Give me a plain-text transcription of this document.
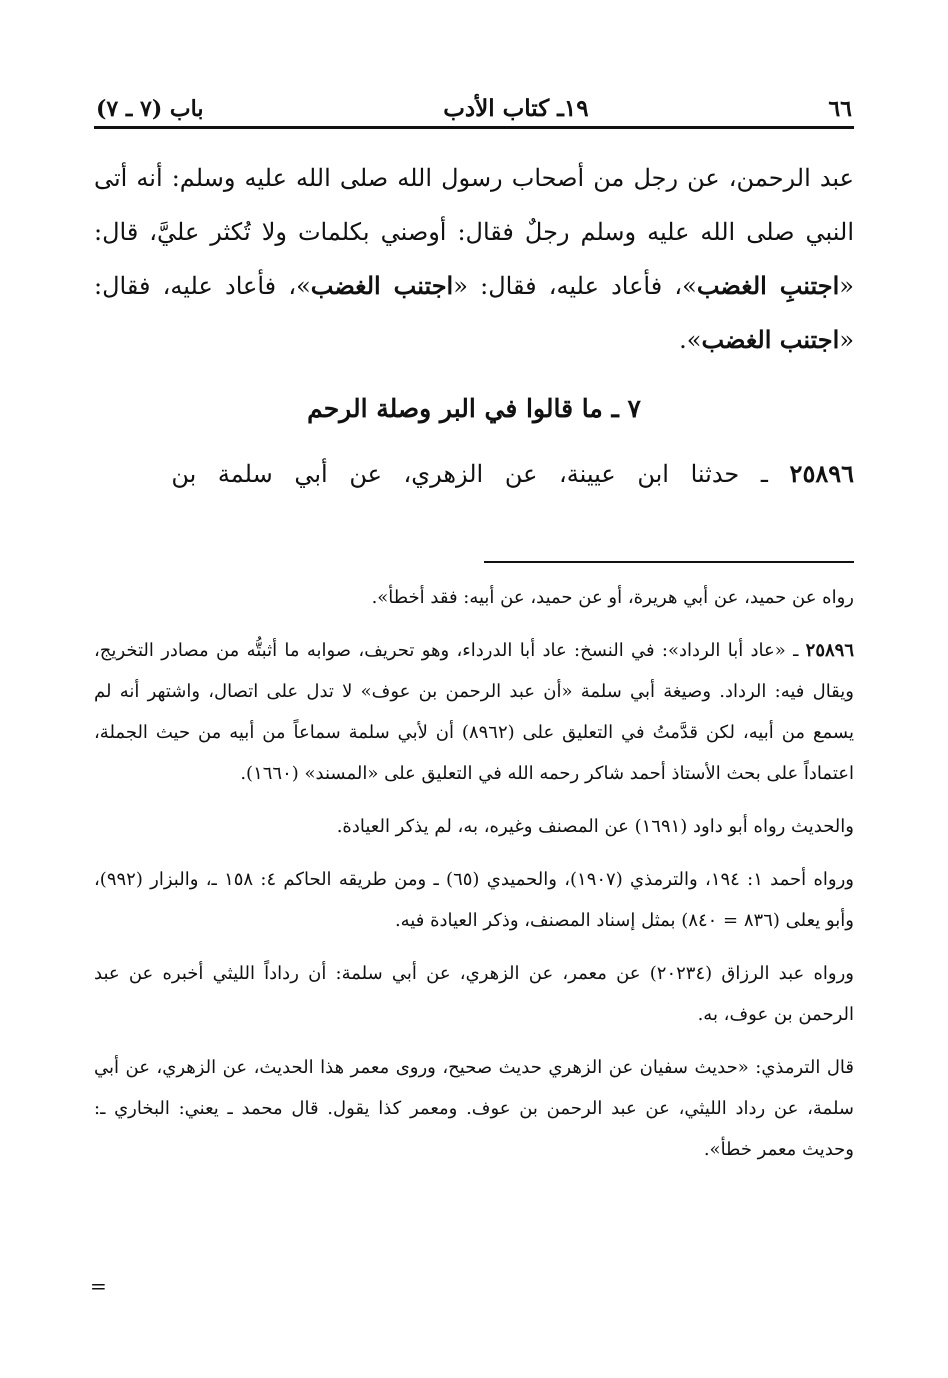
٦٦
١٩ـ كتاب الأدب
باب (٧ ـ ٧)

عبد الرحمن، عن رجل من أصحاب رسول الله صلى الله عليه وسلم: أنه أتى النبي صلى الله عليه وسلم رجلٌ فقال: أوصني بكلمات ولا تُكثر عليَّ، قال: «اجتنبِ الغضب»، فأعاد عليه، فقال: «اجتنب الغضب»، فأعاد عليه، فقال: «اجتنب الغضب».

٧ ـ ما قالوا في البر وصلة الرحم
٢٥٨٩٦ ـ حدثنا ابن عيينة، عن الزهري، عن أبي سلمة بن

رواه عن حميد، عن أبي هريرة، أو عن حميد، عن أبيه: فقد أخطأ».

٢٥٨٩٦ ـ «عاد أبا الرداد»: في النسخ: عاد أبا الدرداء، وهو تحريف، صوابه ما أثبتُّه من مصادر التخريج، ويقال فيه: الرداد. وصيغة أبي سلمة «أن عبد الرحمن بن عوف» لا تدل على اتصال، واشتهر أنه لم يسمع من أبيه، لكن قدَّمتُ في التعليق على (٨٩٦٢) أن لأبي سلمة سماعاً من أبيه من حيث الجملة، اعتماداً على بحث الأستاذ أحمد شاكر رحمه الله في التعليق على «المسند» (١٦٦٠).

والحديث رواه أبو داود (١٦٩١) عن المصنف وغيره، به، لم يذكر العيادة.

ورواه أحمد ١: ١٩٤، والترمذي (١٩٠٧)، والحميدي (٦٥) ـ ومن طريقه الحاكم ٤: ١٥٨ ـ، والبزار (٩٩٢)، وأبو يعلى (٨٣٦ = ٨٤٠) بمثل إسناد المصنف، وذكر العيادة فيه.

ورواه عبد الرزاق (٢٠٢٣٤) عن معمر، عن الزهري، عن أبي سلمة: أن رداداً الليثي أخبره عن عبد الرحمن بن عوف، به.

قال الترمذي: «حديث سفيان عن الزهري حديث صحيح، وروى معمر هذا الحديث، عن الزهري، عن أبي سلمة، عن رداد الليثي، عن عبد الرحمن بن عوف. ومعمر كذا يقول. قال محمد ـ يعني: البخاري ـ: وحديث معمر خطأ».

=
